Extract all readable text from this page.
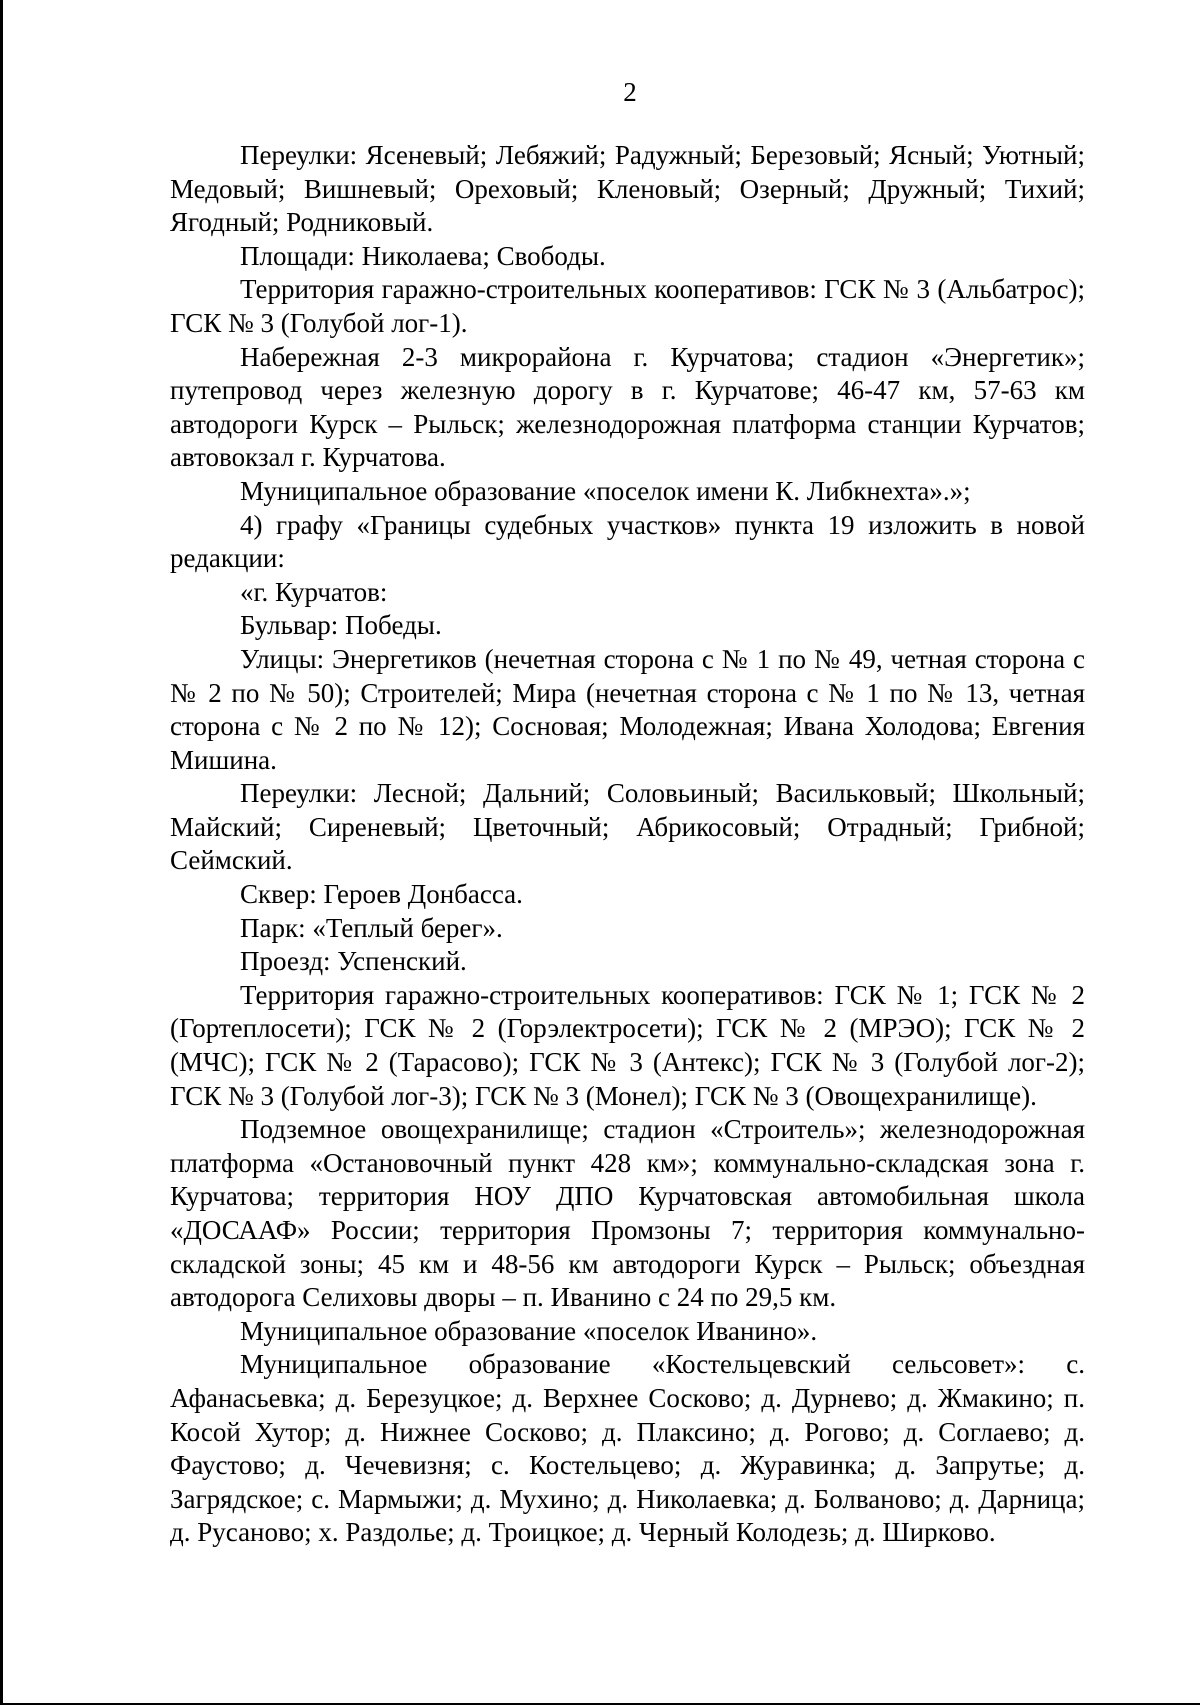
2

Переулки: Ясеневый; Лебяжий; Радужный; Березовый; Ясный; Уютный; Медовый; Вишневый; Ореховый; Кленовый; Озерный; Дружный; Тихий; Ягодный; Родниковый.

Площади: Николаева; Свободы.

Территория гаражно-строительных кооперативов: ГСК № 3 (Альбатрос); ГСК № 3 (Голубой лог-1).

Набережная 2-3 микрорайона г. Курчатова; стадион «Энергетик»; путепровод через железную дорогу в г. Курчатове; 46-47 км, 57-63 км автодороги Курск – Рыльск; железнодорожная платформа станции Курчатов; автовокзал г. Курчатова.

Муниципальное образование «поселок имени К. Либкнехта».»;

4) графу «Границы судебных участков» пункта 19 изложить в новой редакции:

«г. Курчатов:

Бульвар: Победы.

Улицы: Энергетиков (нечетная сторона с № 1 по № 49, четная сторона с № 2 по № 50); Строителей; Мира (нечетная сторона с № 1 по № 13, четная сторона с № 2 по № 12); Сосновая; Молодежная; Ивана Холодова; Евгения Мишина.

Переулки: Лесной; Дальний; Соловьиный; Васильковый; Школьный; Майский; Сиреневый; Цветочный; Абрикосовый; Отрадный; Грибной; Сеймский.

Сквер: Героев Донбасса.

Парк: «Теплый берег».

Проезд: Успенский.

Территория гаражно-строительных кооперативов: ГСК № 1; ГСК № 2 (Гортеплосети); ГСК № 2 (Горэлектросети); ГСК № 2 (МРЭО); ГСК № 2 (МЧС); ГСК № 2 (Тарасово); ГСК № 3 (Антекс); ГСК № 3 (Голубой лог-2); ГСК № 3 (Голубой лог-3); ГСК № 3 (Монел); ГСК № 3 (Овощехранилище).

Подземное овощехранилище; стадион «Строитель»; железнодорожная платформа «Остановочный пункт 428 км»; коммунально-складская зона г. Курчатова; территория НОУ ДПО Курчатовская автомобильная школа «ДОСААФ» России; территория Промзоны 7; территория коммунально-складской зоны; 45 км и 48-56 км автодороги Курск – Рыльск; объездная автодорога Селиховы дворы – п. Иванино с 24 по 29,5 км.

Муниципальное образование «поселок Иванино».

Муниципальное образование «Костельцевский сельсовет»: с. Афанасьевка; д. Березуцкое; д. Верхнее Сосково; д. Дурнево; д. Жмакино; п. Косой Хутор; д. Нижнее Сосково; д. Плаксино; д. Рогово; д. Соглаево; д. Фаустово; д. Чечевизня; с. Костельцево; д. Журавинка; д. Запрутье; д. Загрядское; с. Мармыжи; д. Мухино; д. Николаевка; д. Болваново; д. Дарница; д. Русаново; х. Раздолье; д. Троицкое; д. Черный Колодезь; д. Ширково.
